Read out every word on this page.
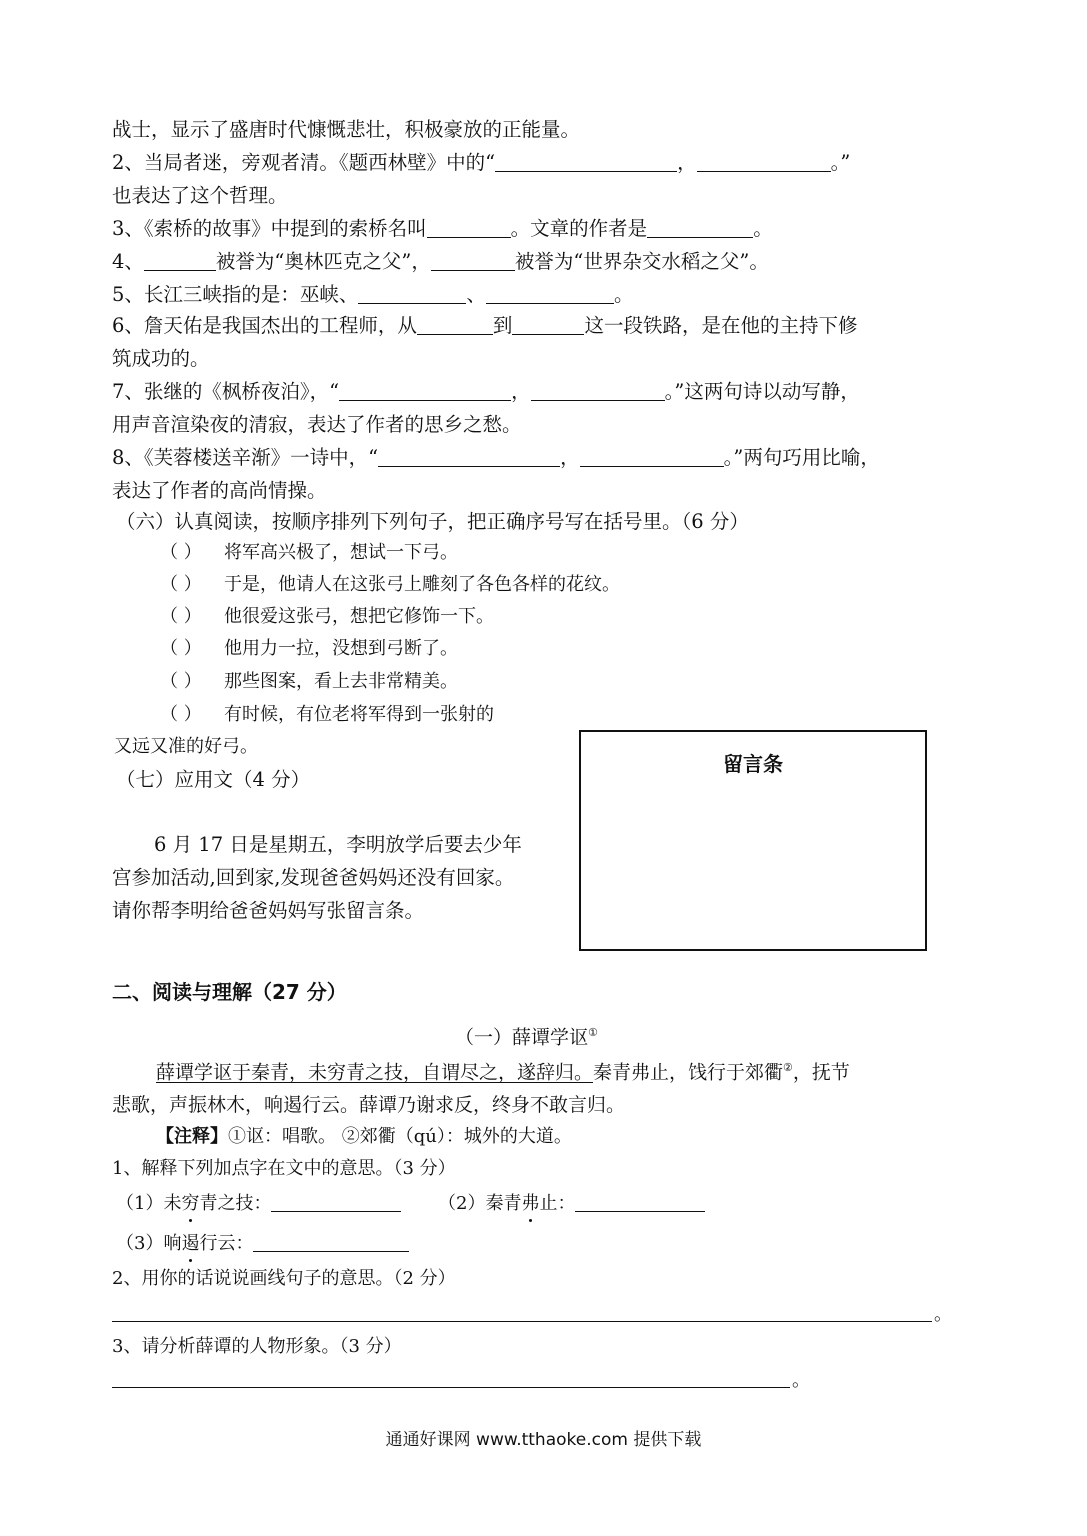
战士，显示了盛唐时代慷慨悲壮，积极豪放的正能量。
2、当局者迷，旁观者清。《题西林壁》中的“	，	。”
也表达了这个哲理。
3、《索桥的故事》中提到的索桥名叫	。文章的作者是	。
4、	被誉为“奥林匹克之父”，	被誉为“世界杂交水稻之父”。
5、长江三峡指的是：巫峡、	、	。
6、詹天佑是我国杰出的工程师，从	到	这一段铁路，是在他的主持下修
筑成功的。
7、张继的《枫桥夜泊》，“	，	。”这两句诗以动写静，
用声音渲染夜的清寂，表达了作者的思乡之愁。
8、《芙蓉楼送辛渐》一诗中，“	，	。”两句巧用比喻，
表达了作者的高尚情操。
（六）认真阅读，按顺序排列下列句子，把正确序号写在括号里。（6 分）
（ ） 将军高兴极了，想试一下弓。
（ ） 于是，他请人在这张弓上雕刻了各色各样的花纹。
（ ） 他很爱这张弓，想把它修饰一下。
（ ） 他用力一拉，没想到弓断了。
（ ） 那些图案，看上去非常精美。
（ ） 有时候，有位老将军得到一张射的
又远又准的好弓。
（七）应用文（4 分）
6 月 17 日是星期五，李明放学后要去少年
宫参加活动,回到家,发现爸爸妈妈还没有回家。
请你帮李明给爸爸妈妈写张留言条。
留言条
二、阅读与理解（27 分）
（一）薛谭学讴①
薛谭学讴于秦青，未穷青之技，自谓尽之，遂辞归。秦青弗止，饯行于郊衢②，抚节
悲歌，声振林木，响遏行云。薛谭乃谢求反，终身不敢言归。
【注释】①讴：唱歌。 ②郊衢（qú）：城外的大道。
1、解释下列加点字在文中的意思。（3 分）
（1）未穷青之技：	（2）秦青弗止：
（3）响遏行云：
2、用你的话说说画线句子的意思。（2 分）
。
3、请分析薛谭的人物形象。（3 分）
。
通通好课网 www.tthaoke.com 提供下载
